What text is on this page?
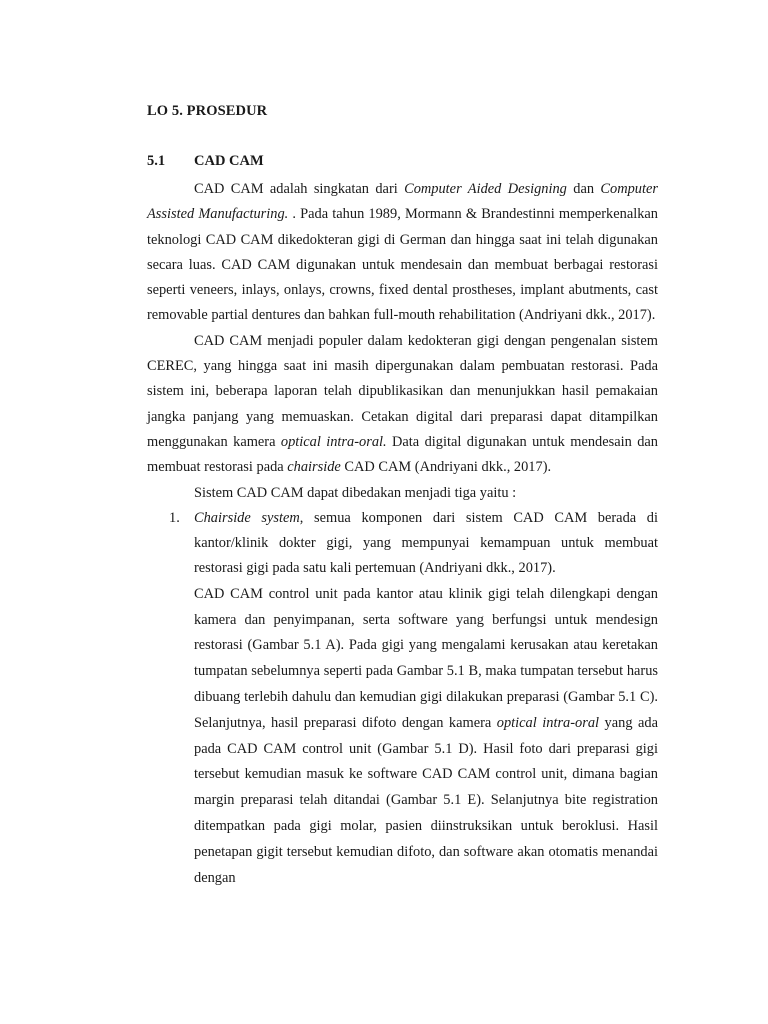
LO 5. PROSEDUR
5.1 CAD CAM

CAD CAM adalah singkatan dari Computer Aided Designing dan Computer Assisted Manufacturing. . Pada tahun 1989, Mormann & Brandestinni memperkenalkan teknologi CAD CAM dikedokteran gigi di German dan hingga saat ini telah digunakan secara luas. CAD CAM digunakan untuk mendesain dan membuat berbagai restorasi seperti veneers, inlays, onlays, crowns, fixed dental prostheses, implant abutments, cast removable partial dentures dan bahkan full-mouth rehabilitation (Andriyani dkk., 2017).

CAD CAM menjadi populer dalam kedokteran gigi dengan pengenalan sistem CEREC, yang hingga saat ini masih dipergunakan dalam pembuatan restorasi. Pada sistem ini, beberapa laporan telah dipublikasikan dan menunjukkan hasil pemakaian jangka panjang yang memuaskan. Cetakan digital dari preparasi dapat ditampilkan menggunakan kamera optical intra-oral. Data digital digunakan untuk mendesain dan membuat restorasi pada chairside CAD CAM (Andriyani dkk., 2017).

Sistem CAD CAM dapat dibedakan menjadi tiga yaitu :

1. Chairside system, semua komponen dari sistem CAD CAM berada di kantor/klinik dokter gigi, yang mempunyai kemampuan untuk membuat restorasi gigi pada satu kali pertemuan (Andriyani dkk., 2017).

CAD CAM control unit pada kantor atau klinik gigi telah dilengkapi dengan kamera dan penyimpanan, serta software yang berfungsi untuk mendesign restorasi (Gambar 5.1 A). Pada gigi yang mengalami kerusakan atau keretakan tumpatan sebelumnya seperti pada Gambar 5.1 B, maka tumpatan tersebut harus dibuang terlebih dahulu dan kemudian gigi dilakukan preparasi (Gambar 5.1 C). Selanjutnya, hasil preparasi difoto dengan kamera optical intra-oral yang ada pada CAD CAM control unit (Gambar 5.1 D). Hasil foto dari preparasi gigi tersebut kemudian masuk ke software CAD CAM control unit, dimana bagian margin preparasi telah ditandai (Gambar 5.1 E). Selanjutnya bite registration ditempatkan pada gigi molar, pasien diinstruksikan untuk beroklusi. Hasil penetapan gigit tersebut kemudian difoto, dan software akan otomatis menandai dengan
